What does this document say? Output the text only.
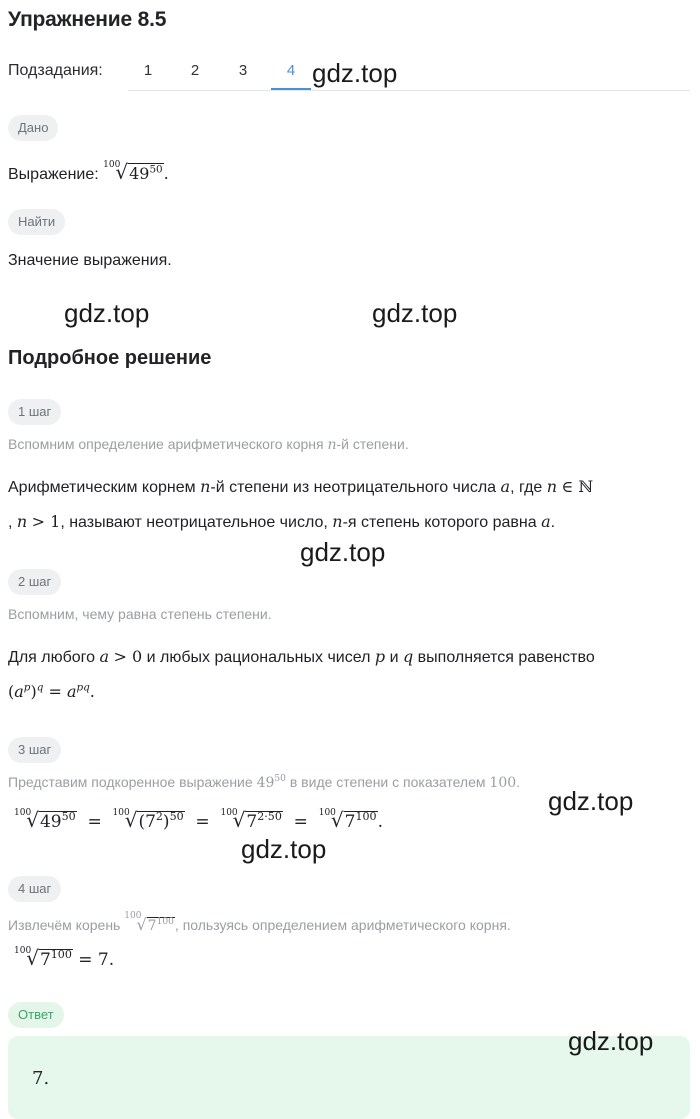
Упражнение 8.5
Подзадания:	1	2	3	4 gdz.top
Дано
Выражение: $^{100}√49^{50}$.
Найти
Значение выражения.
gdz.top	gdz.top
Подробное решение
1 шаг
Вспомним определение арифметического корня n-й степени.
Арифметическим корнем n-й степени из неотрицательного числа a, где n ∈ ℕ
, n > 1, называют неотрицательное число, n-я степень которого равна a.
gdz.top
2 шаг
Вспомним, чему равна степень степени.
Для любого a > 0 и любых рациональных чисел p и q выполняется равенство
$(a^p)^q = a^{pq}$.
3 шаг
Представим подкоренное выражение $49^{50}$ в виде степени с показателем 100.
$^{100}√49^{50} = ^{100}√(7^2)^{50} = ^{100}√7^{2\cdot 50} = ^{100}√7^{100}$.
gdz.top
gdz.top
4 шаг
Извлечём корень $^{100}√7^{100}$, пользуясь определением арифметического корня.
$^{100}√7^{100} = 7$.
Ответ
7.
gdz.top
